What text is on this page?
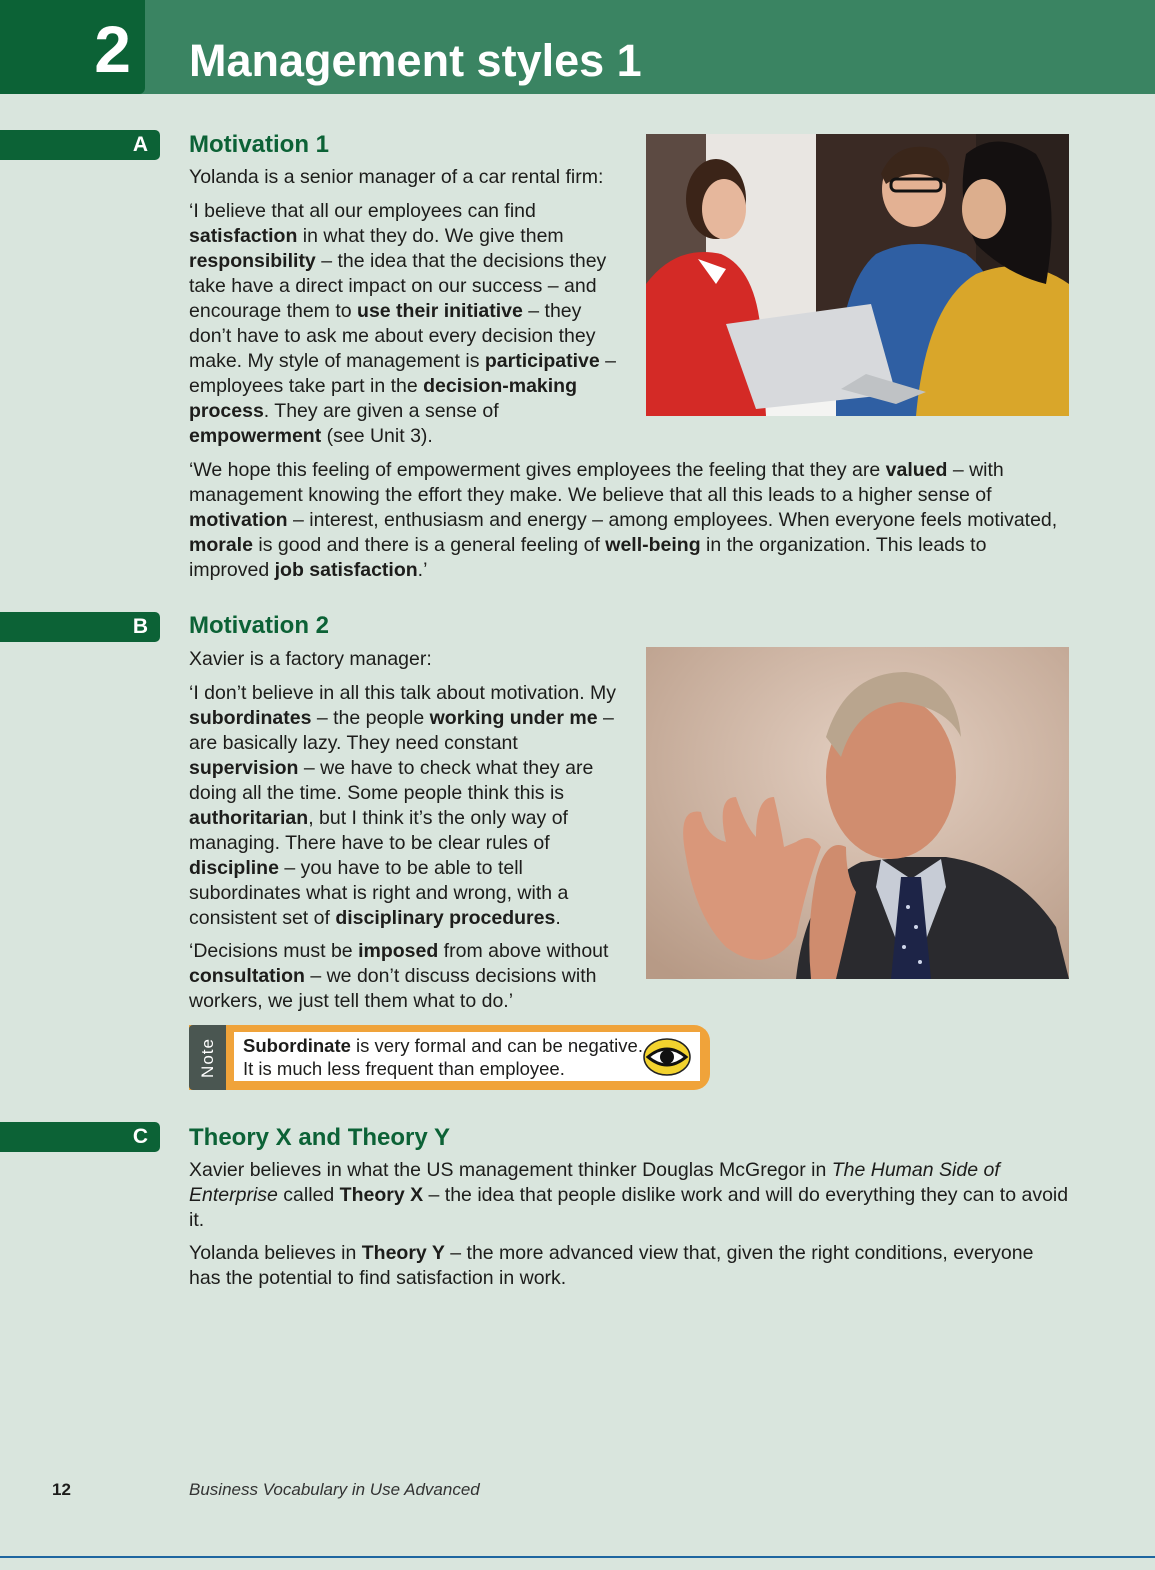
2 Management styles 1
A Motivation 1

Yolanda is a senior manager of a car rental firm:

‘I believe that all our employees can find satisfaction in what they do. We give them responsibility – the idea that the decisions they take have a direct impact on our success – and encourage them to use their initiative – they don’t have to ask me about every decision they make. My style of management is participative – employees take part in the decision-making process. They are given a sense of empowerment (see Unit 3).

‘We hope this feeling of empowerment gives employees the feeling that they are valued – with management knowing the effort they make. We believe that all this leads to a higher sense of motivation – interest, enthusiasm and energy – among employees. When everyone feels motivated, morale is good and there is a general feeling of well-being in the organization. This leads to improved job satisfaction.’

B Motivation 2

Xavier is a factory manager:

‘I don’t believe in all this talk about motivation. My subordinates – the people working under me – are basically lazy. They need constant supervision – we have to check what they are doing all the time. Some people think this is authoritarian, but I think it’s the only way of managing. There have to be clear rules of discipline – you have to be able to tell subordinates what is right and wrong, with a consistent set of disciplinary procedures.

‘Decisions must be imposed from above without consultation – we don’t discuss decisions with workers, we just tell them what to do.’

Note Subordinate is very formal and can be negative.
It is much less frequent than employee.

C Theory X and Theory Y

Xavier believes in what the US management thinker Douglas McGregor in The Human Side of Enterprise called Theory X – the idea that people dislike work and will do everything they can to avoid it.

Yolanda believes in Theory Y – the more advanced view that, given the right conditions, everyone has the potential to find satisfaction in work.

12	Business Vocabulary in Use Advanced
